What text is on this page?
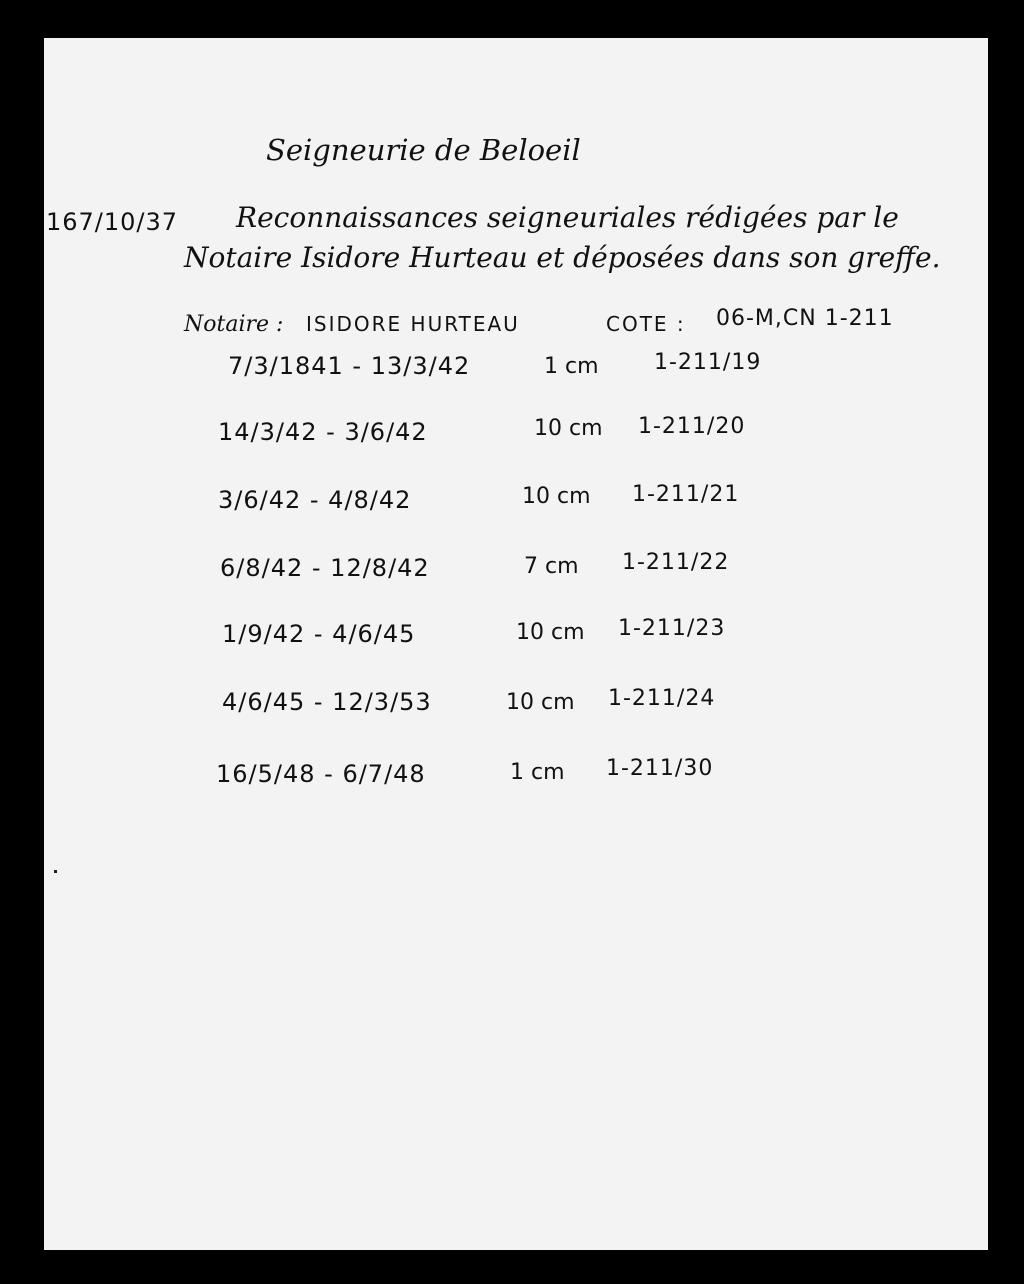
Seigneurie de Beloeil
167/10/37 Reconnaissances seigneuriales rédigées par le
Notaire Isidore Hurteau et déposées dans son greffe.
Notaire : ISIDORE HURTEAU	COTE : 06-M,CN 1-211
7/3/1841 - 13/3/42	1 cm	1-211/19
14/3/42 - 3/6/42	10 cm 1-211/20
3/6/42 - 4/8/42	10 cm 1-211/21
6/8/42 - 12/8/42	7 cm 1-211/22
1/9/42 - 4/6/45	10 cm 1-211/23
4/6/45 - 12/3/53	10 cm 1-211/24
16/5/48 - 6/7/48	1 cm 1-211/30
